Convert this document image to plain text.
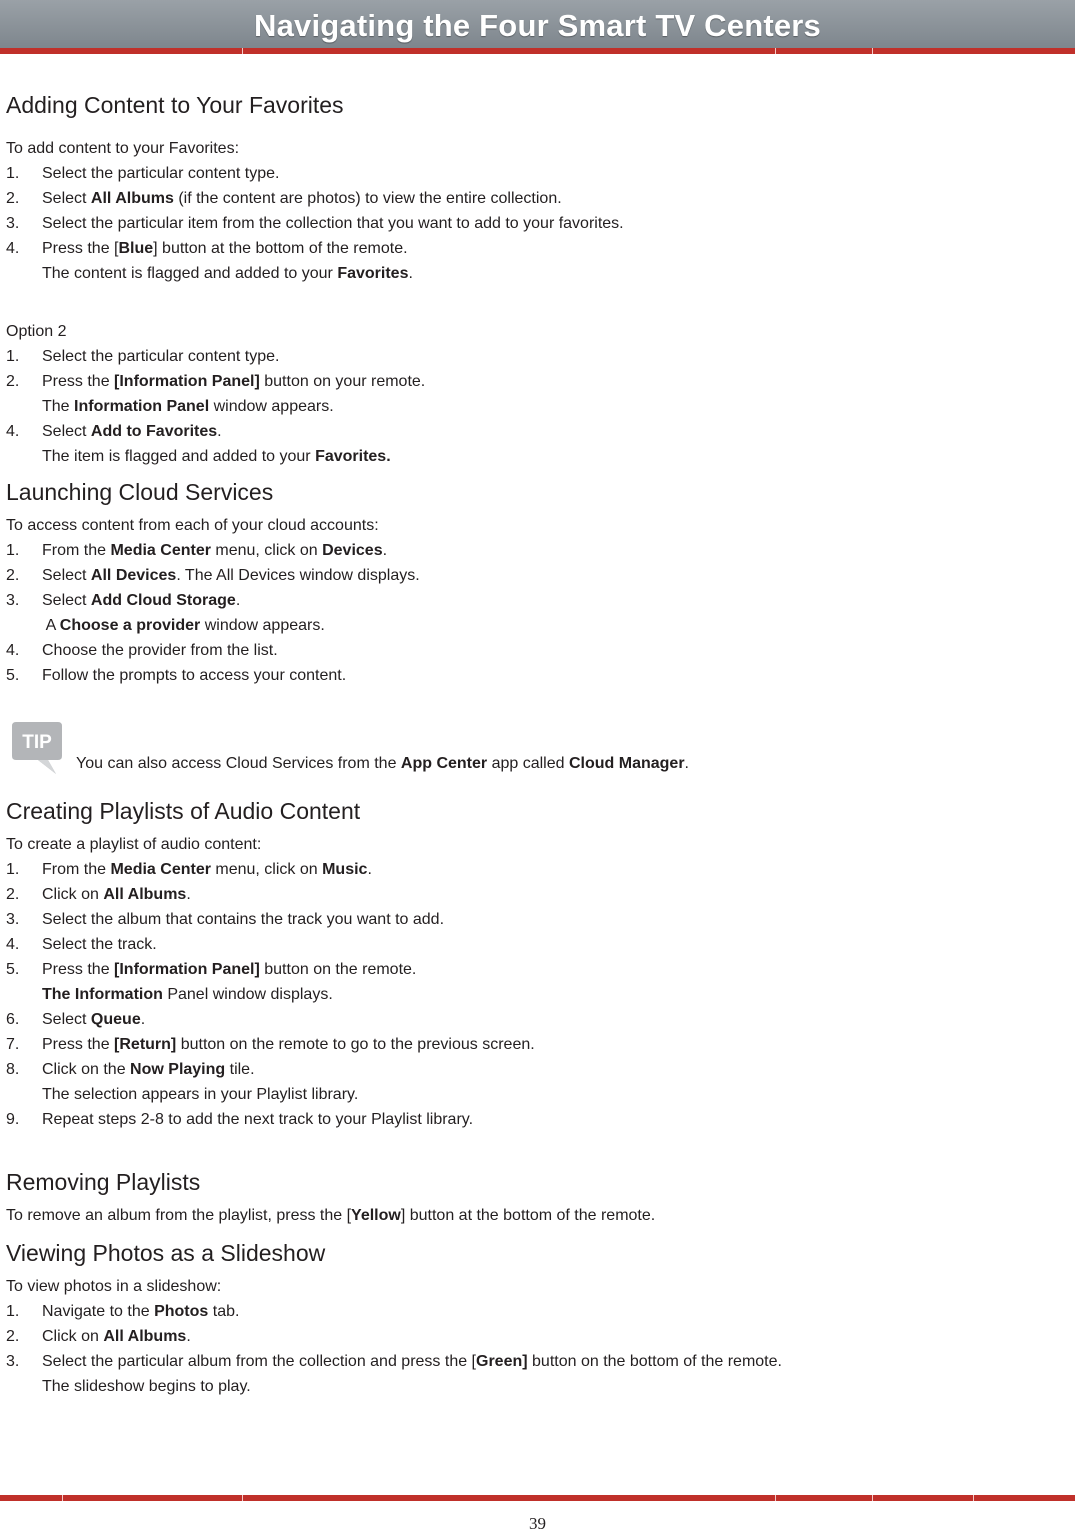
Navigating the Four Smart TV Centers
Adding Content to Your Favorites
To add content to your Favorites:
1. Select the particular content type.
2. Select All Albums (if the content are photos) to view the entire collection.
3. Select the particular item from the collection that you want to add to your favorites.
4. Press the [Blue] button at the bottom of the remote.
The content is flagged and added to your Favorites.
Option 2
1. Select the particular content type.
2. Press the [Information Panel] button on your remote.
The Information Panel window appears.
4. Select Add to Favorites.
The item is flagged and added to your Favorites.
Launching Cloud Services
To access content from each of your cloud accounts:
1. From the Media Center menu, click on Devices.
2. Select All Devices. The All Devices window displays.
3. Select Add Cloud Storage.
A Choose a provider window appears.
4. Choose the provider from the list.
5. Follow the prompts to access your content.
TIP
You can also access Cloud Services from the App Center app called Cloud Manager.
Creating Playlists of Audio Content
To create a playlist of audio content:
1. From the Media Center menu, click on Music.
2. Click on All Albums.
3. Select the album that contains the track you want to add.
4. Select the track.
5. Press the [Information Panel] button on the remote.
The Information Panel window displays.
6. Select Queue.
7. Press the [Return] button on the remote to go to the previous screen.
8. Click on the Now Playing tile.
The selection appears in your Playlist library.
9. Repeat steps 2-8 to add the next track to your Playlist library.
Removing Playlists
To remove an album from the playlist, press the [Yellow] button at the bottom of the remote.
Viewing Photos as a Slideshow
To view photos in a slideshow:
1. Navigate to the Photos tab.
2. Click on All Albums.
3. Select the particular album from the collection and press the [Green] button on the bottom of the remote.
The slideshow begins to play.
39
